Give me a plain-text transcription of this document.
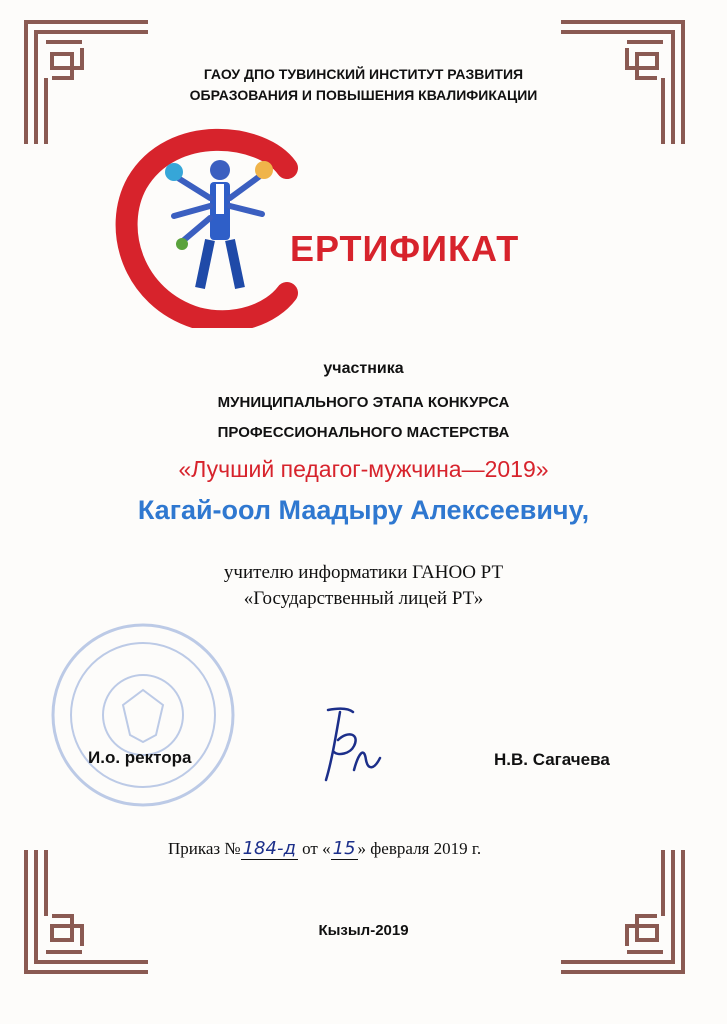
ГАОУ ДПО ТУВИНСКИЙ ИНСТИТУТ РАЗВИТИЯ
ОБРАЗОВАНИЯ И ПОВЫШЕНИЯ КВАЛИФИКАЦИИ
ЕРТИФИКАТ
участника
МУНИЦИПАЛЬНОГО ЭТАПА КОНКУРСА
ПРОФЕССИОНАЛЬНОГО МАСТЕРСТВА
«Лучший педагог-мужчина—2019»
Кагай-оол Маадыру Алексеевичу,
учителю информатики ГАНОО РТ
«Государственный лицей РТ»
И.о. ректора	Н.В. Сагачева
Приказ № 184-д от « 15 » февраля 2019 г.
Кызыл-2019
